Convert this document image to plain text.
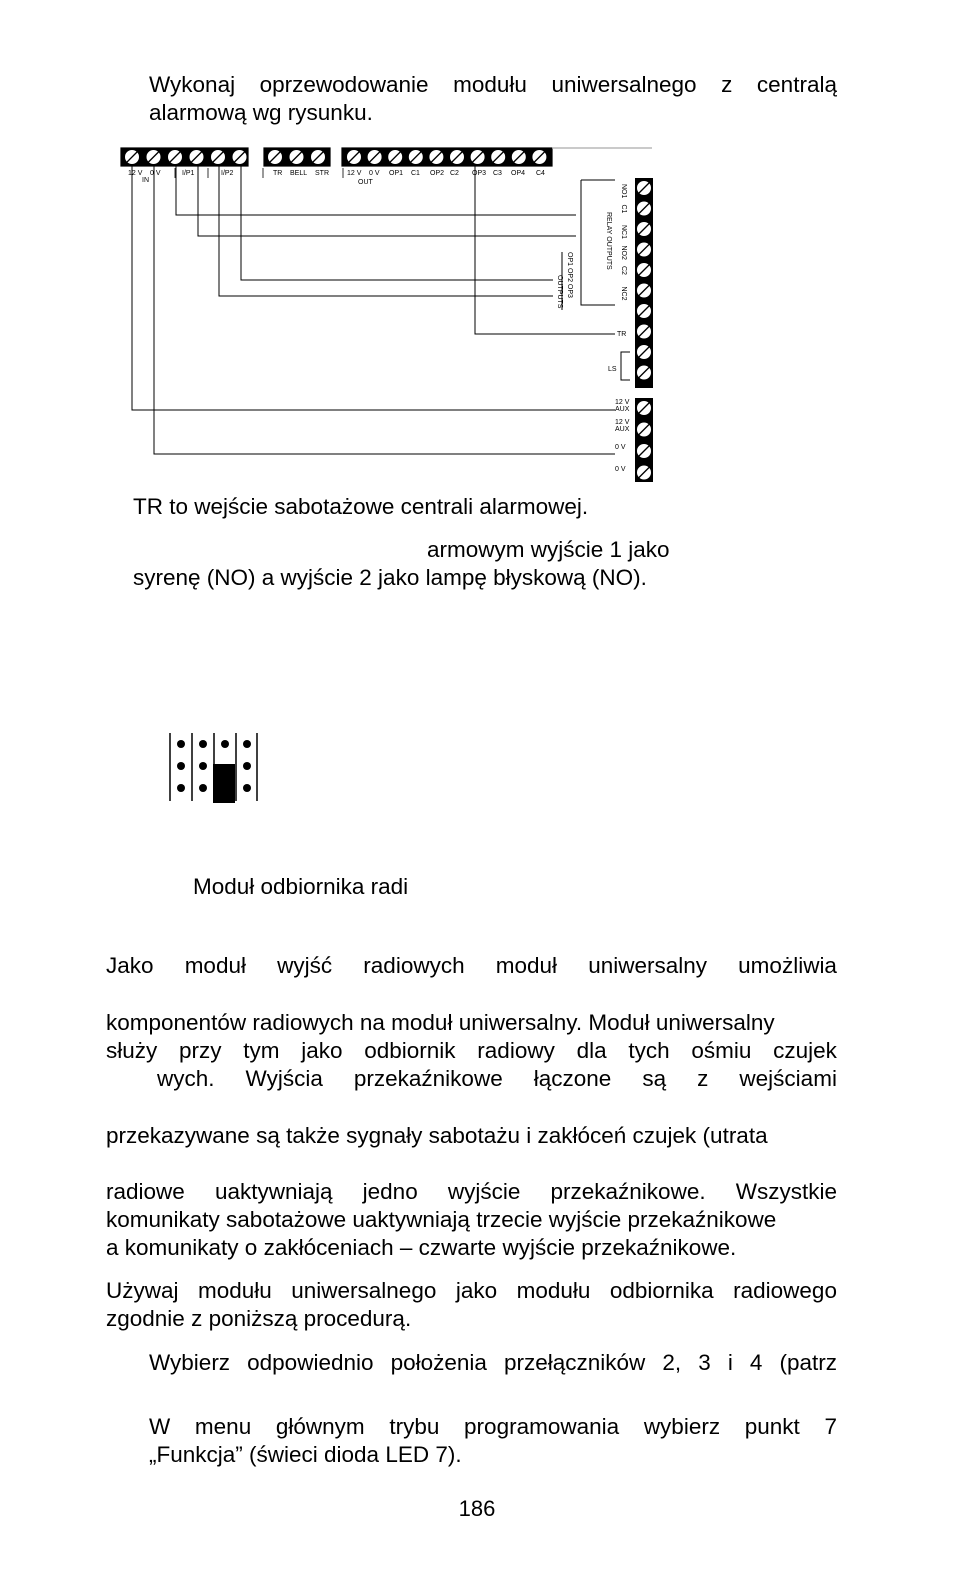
Wykonaj oprzewodowanie modułu uniwersalnego z centralą
alarmową wg rysunku.
12 V 0 V
IN
I/P1	I/P2	TR BELL STR	12 V 0 V OP1 C1 OP2 C2 OP3 C3 OP4 C4
OUT
NO1
C1
NC1
NO2
C2
NC2
RELAY OUTPUTS
OP1 OP2 OP3
OUTPUTS
TR
LS
12 V
AUX
12 V
AUX
0 V
0 V
TR to wejście sabotażowe centrali alarmowej.
armowym wyjście 1 jako
syrenę (NO) a wyjście 2 jako lampę błyskową (NO).
Moduł odbiornika radi
Jako moduł wyjść radiowych moduł uniwersalny umożliwia
komponentów radiowych na moduł uniwersalny. Moduł uniwersalny
służy przy tym jako odbiornik radiowy dla tych ośmiu czujek
wych. Wyjścia przekaźnikowe łączone są z wejściami
przekazywane są także sygnały sabotażu i zakłóceń czujek (utrata
radiowe uaktywniają jedno wyjście przekaźnikowe. Wszystkie
komunikaty sabotażowe uaktywniają trzecie wyjście przekaźnikowe
a komunikaty o zakłóceniach – czwarte wyjście przekaźnikowe.
Używaj modułu uniwersalnego jako modułu odbiornika radiowego
zgodnie z poniższą procedurą.
Wybierz odpowiednio położenia przełączników 2, 3 i 4 (patrz
W menu głównym trybu programowania wybierz punkt 7
„Funkcja” (świeci dioda LED 7).
186
